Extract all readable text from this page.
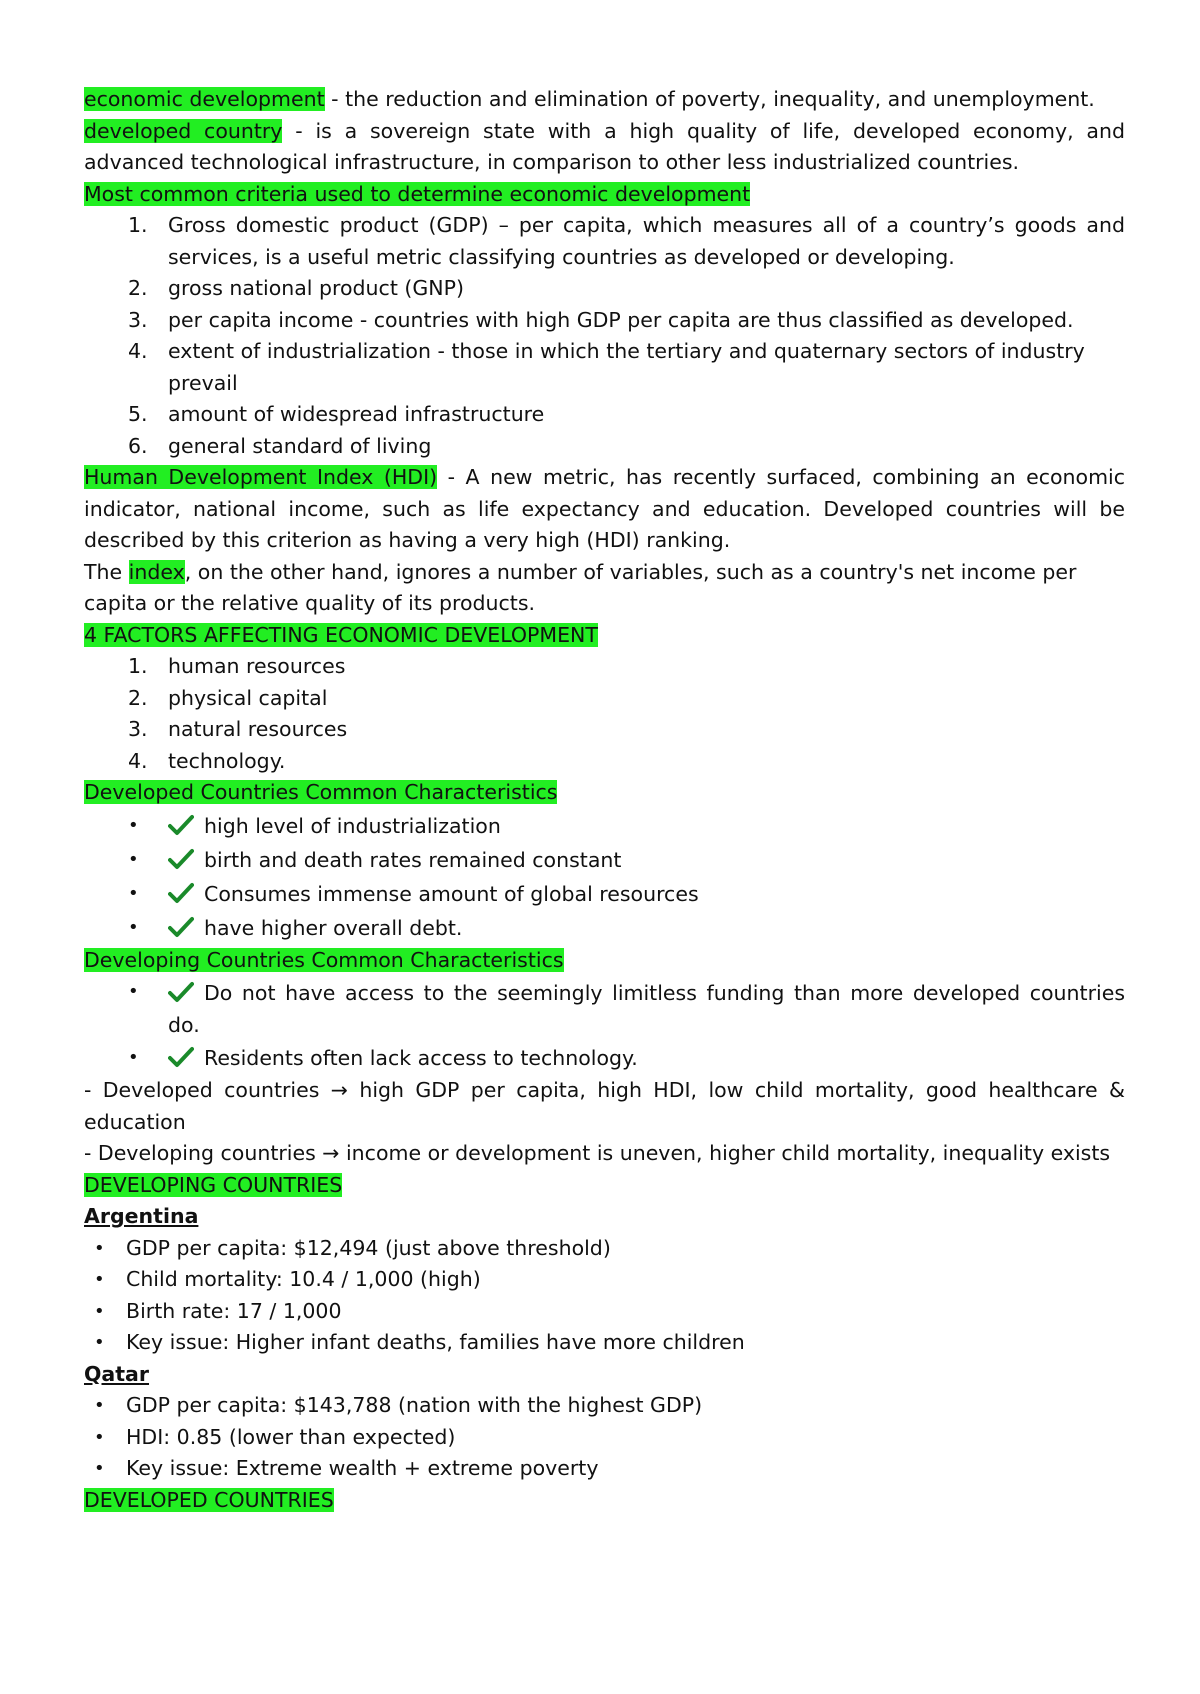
economic development - the reduction and elimination of poverty, inequality, and unemployment.

developed country - is a sovereign state with a high quality of life, developed economy, and advanced technological infrastructure, in comparison to other less industrialized countries.

Most common criteria used to determine economic development

1. Gross domestic product (GDP) – per capita, which measures all of a country’s goods and services, is a useful metric classifying countries as developed or developing.
2. gross national product (GNP)
3. per capita income - countries with high GDP per capita are thus classified as developed.
4. extent of industrialization - those in which the tertiary and quaternary sectors of industry prevail
5. amount of widespread infrastructure
6. general standard of living

Human Development Index (HDI) - A new metric, has recently surfaced, combining an economic indicator, national income, such as life expectancy and education. Developed countries will be described by this criterion as having a very high (HDI) ranking.

The index, on the other hand, ignores a number of variables, such as a country's net income per capita or the relative quality of its products.

4 FACTORS AFFECTING ECONOMIC DEVELOPMENT

1. human resources
2. physical capital
3. natural resources
4. technology.

Developed Countries Common Characteristics

•	high level of industrialization
•	birth and death rates remained constant
•	Consumes immense amount of global resources
•	have higher overall debt.

Developing Countries Common Characteristics

•	Do not have access to the seemingly limitless funding than more developed countries do.
•	Residents often lack access to technology.

- Developed countries → high GDP per capita, high HDI, low child mortality, good healthcare & education

- Developing countries → income or development is uneven, higher child mortality, inequality exists

DEVELOPING COUNTRIES

Argentina

• GDP per capita: $12,494 (just above threshold)
• Child mortality: 10.4 / 1,000 (high)
• Birth rate: 17 / 1,000
• Key issue: Higher infant deaths, families have more children

Qatar

• GDP per capita: $143,788 (nation with the highest GDP)
• HDI: 0.85 (lower than expected)
• Key issue: Extreme wealth + extreme poverty

DEVELOPED COUNTRIES
